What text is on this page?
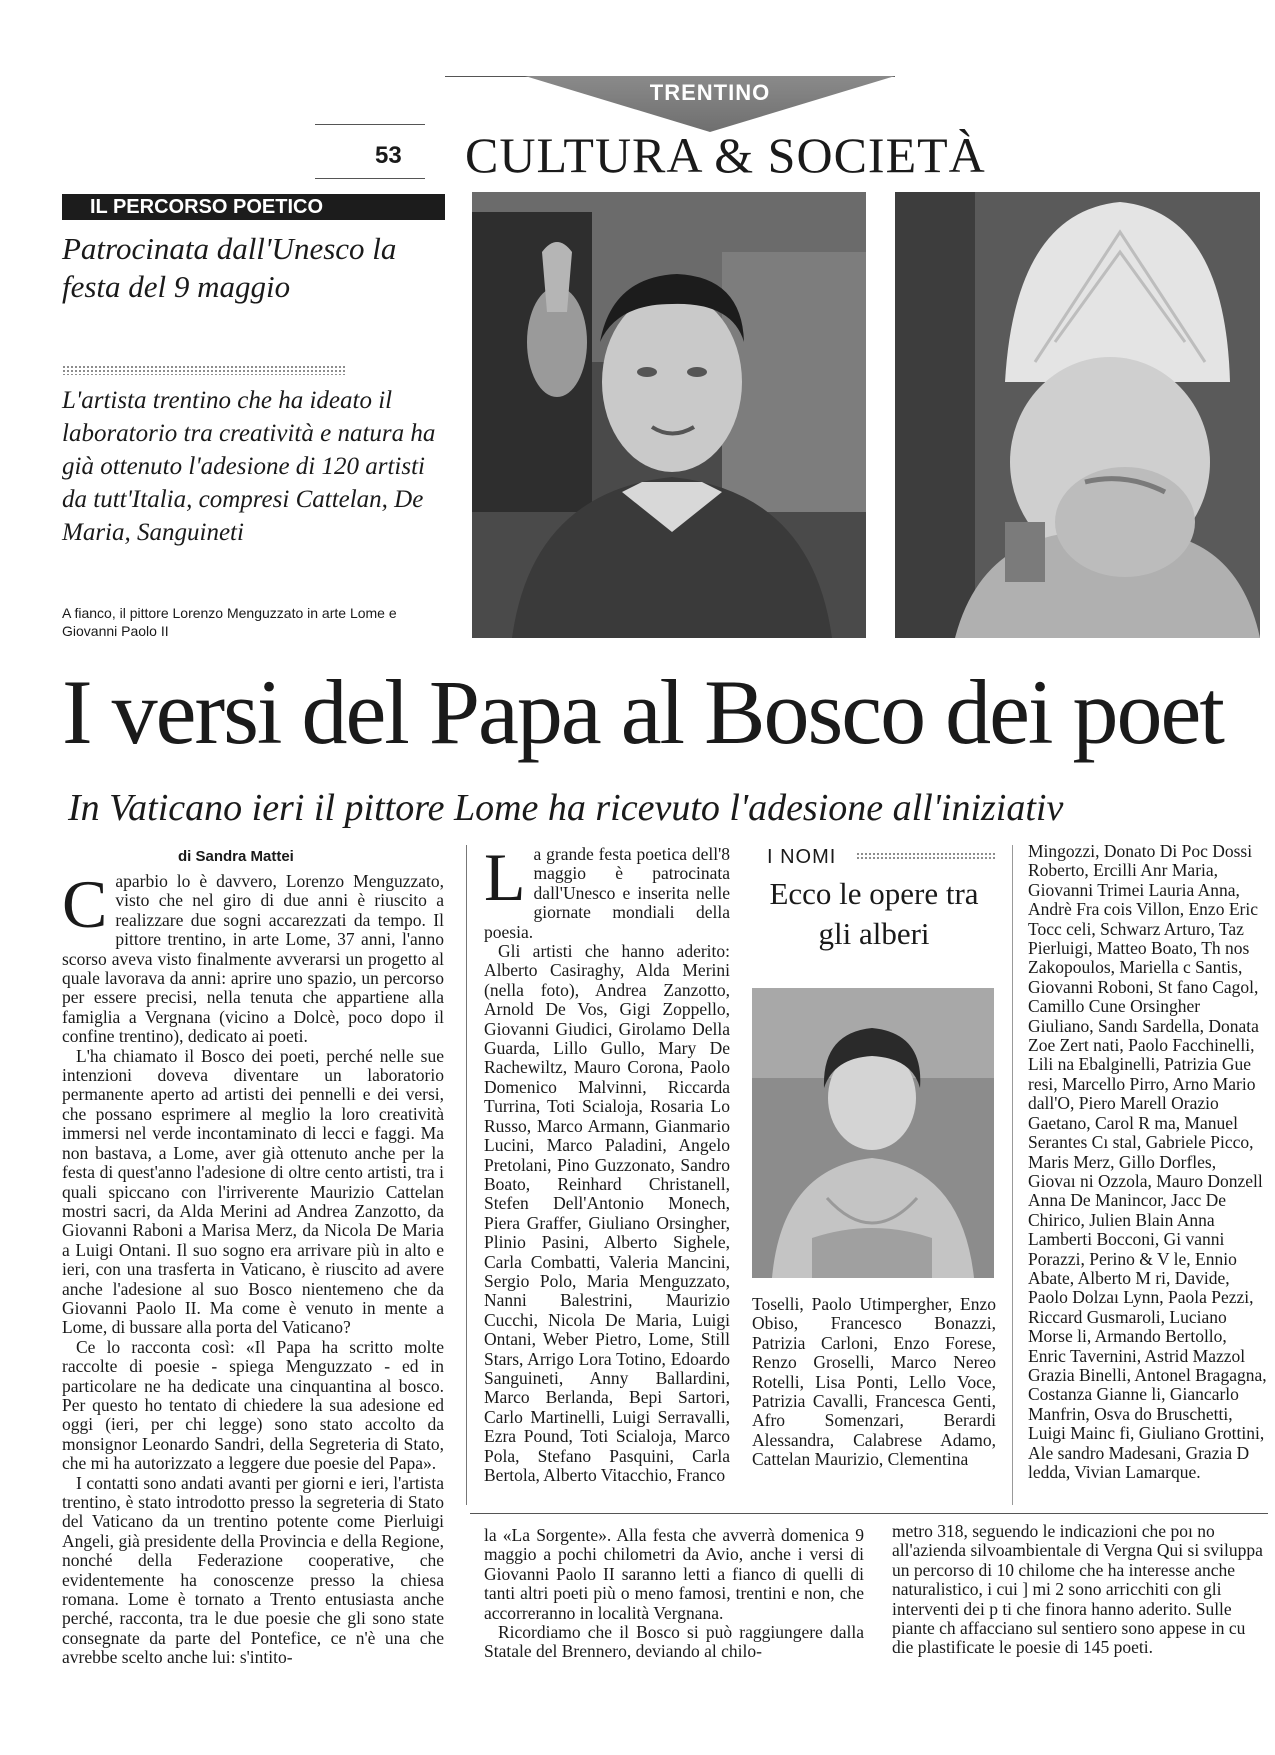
TRENTINO
53 CULTURA & SOCIETÀ
IL PERCORSO POETICO
Patrocinata dall'Unesco la festa del 9 maggio
L'artista trentino che ha ideato il laboratorio tra creatività e natura ha già ottenuto l'adesione di 120 artisti da tutt'Italia, compresi Cattelan, De Maria, Sanguineti
A fianco, il pittore Lorenzo Menguzzato in arte Lome e Giovanni Paolo II
I versi del Papa al Bosco dei poet
In Vaticano ieri il pittore Lome ha ricevuto l'adesione all'iniziativ
di Sandra Mattei
C aparbio lo è davvero, Lorenzo Menguzzato, visto che nel giro di due anni è riuscito a realizzare due sogni accarezzati da tempo. Il pittore trentino, in arte Lome, 37 anni, l'anno scorso aveva visto finalmente avverarsi un progetto al quale lavorava da anni: aprire uno spazio, un percorso per essere precisi, nella tenuta che appartiene alla famiglia a Vergnana (vicino a Dolcè, poco dopo il confine trentino), dedicato ai poeti.

L'ha chiamato il Bosco dei poeti, perché nelle sue intenzioni doveva diventare un laboratorio permanente aperto ad artisti dei pennelli e dei versi, che possano esprimere al meglio la loro creatività immersi nel verde incontaminato di lecci e faggi. Ma non bastava, a Lome, aver già ottenuto anche per la festa di quest'anno l'adesione di oltre cento artisti, tra i quali spiccano con l'irriverente Maurizio Cattelan mostri sacri, da Alda Merini ad Andrea Zanzotto, da Giovanni Raboni a Marisa Merz, da Nicola De Maria a Luigi Ontani. Il suo sogno era arrivare più in alto e ieri, con una trasferta in Vaticano, è riuscito ad avere anche l'adesione al suo Bosco nientemeno che da Giovanni Paolo II. Ma come è venuto in mente a Lome, di bussare alla porta del Vaticano?

Ce lo racconta così: «Il Papa ha scritto molte raccolte di poesie - spiega Menguzzato - ed in particolare ne ha dedicate una cinquantina al bosco. Per questo ho tentato di chiedere la sua adesione ed oggi (ieri, per chi legge) sono stato accolto da monsignor Leonardo Sandri, della Segreteria di Stato, che mi ha autorizzato a leggere due poesie del Papa».

I contatti sono andati avanti per giorni e ieri, l'artista trentino, è stato introdotto presso la segreteria di Stato del Vaticano da un trentino potente come Pierluigi Angeli, già presidente della Provincia e della Regione, nonché della Federazione cooperative, che evidentemente ha conoscenze presso la chiesa romana. Lome è tornato a Trento entusiasta anche perché, racconta, tra le due poesie che gli sono state consegnate da parte del Pontefice, ce n'è una che avrebbe scelto anche lui: s'intito-

L a grande festa poetica dell'8 maggio è patrocinata dall'Unesco e inserita nelle giornate mondiali della poesia.

Gli artisti che hanno aderito: Alberto Casiraghy, Alda Merini (nella foto), Andrea Zanzotto, Arnold De Vos, Gigi Zoppello, Giovanni Giudici, Girolamo Della Guarda, Lillo Gullo, Mary De Rachewiltz, Mauro Corona, Paolo Domenico Malvinni, Riccarda Turrina, Toti Scialoja, Rosaria Lo Russo, Marco Armann, Gianmario Lucini, Marco Paladini, Angelo Pretolani, Pino Guzzonato, Sandro Boato, Reinhard Christanell, Stefen Dell'Antonio Monech, Piera Graffer, Giuliano Orsingher, Plinio Pasini, Alberto Sighele, Carla Combatti, Valeria Mancini, Sergio Polo, Maria Menguzzato, Nanni Balestrini, Maurizio Cucchi, Nicola De Maria, Luigi Ontani, Weber Pietro, Lome, Still Stars, Arrigo Lora Totino, Edoardo Sanguineti, Anny Ballardini, Marco Berlanda, Bepi Sartori, Carlo Martinelli, Luigi Serravalli, Ezra Pound, Toti Scialoja, Marco Pola, Stefano Pasquini, Carla Bertola, Alberto Vitacchio, Franco

I NOMI
Ecco le opere tra gli alberi
Toselli, Paolo Utimpergher, Enzo Obiso, Francesco Bonazzi, Patrizia Carloni, Enzo Forese, Renzo Groselli, Marco Nereo Rotelli, Lisa Ponti, Lello Voce, Patrizia Cavalli, Francesca Genti, Afro Somenzari, Berardi Alessandra, Calabrese Adamo, Cattelan Maurizio, Clementina
Mingozzi, Donato Di Poc Dossi Roberto, Ercilli Anr Maria, Giovanni Trimei Lauria Anna, Andrè Fra cois Villon, Enzo Eric Tocc celi, Schwarz Arturo, Taz Pierluigi, Matteo Boato, Th nos Zakopoulos, Mariella c Santis, Giovanni Roboni, St fano Cagol, Camillo Cune Orsingher Giuliano, Sandı Sardella, Donata Zoe Zert nati, Paolo Facchinelli, Lili na Ebalginelli, Patrizia Gue resi, Marcello Pirro, Arno Mario dall'O, Piero Marell Orazio Gaetano, Carol R ma, Manuel Serantes Cı stal, Gabriele Picco, Maris Merz, Gillo Dorfles, Giovaı ni Ozzola, Mauro Donzell Anna De Manincor, Jacc De Chirico, Julien Blain Anna Lamberti Bocconi, Gi vanni Porazzi, Perino & V le, Ennio Abate, Alberto M ri, Davide, Paolo Dolzaı Lynn, Paola Pezzi, Riccard Gusmaroli, Luciano Morse li, Armando Bertollo, Enric Tavernini, Astrid Mazzol Grazia Binelli, Antonel Bragagna, Costanza Gianne li, Giancarlo Manfrin, Osva do Bruschetti, Luigi Mainc fi, Giuliano Grottini, Ale sandro Madesani, Grazia D ledda, Vivian Lamarque.

la «La Sorgente». Alla festa che avverrà domenica 9 maggio a pochi chilometri da Avio, anche i versi di Giovanni Paolo II saranno letti a fianco di quelli di tanti altri poeti più o meno famosi, trentini e non, che accorreranno in località Vergnana.

Ricordiamo che il Bosco si può raggiungere dalla Statale del Brennero, deviando al chilo-

metro 318, seguendo le indicazioni che poı no all'azienda silvoambientale di Vergna Qui si sviluppa un percorso di 10 chilome che ha interesse anche naturalistico, i cui ] mi 2 sono arricchiti con gli interventi dei p ti che finora hanno aderito. Sulle piante ch affacciano sul sentiero sono appese in cu die plastificate le poesie di 145 poeti.
